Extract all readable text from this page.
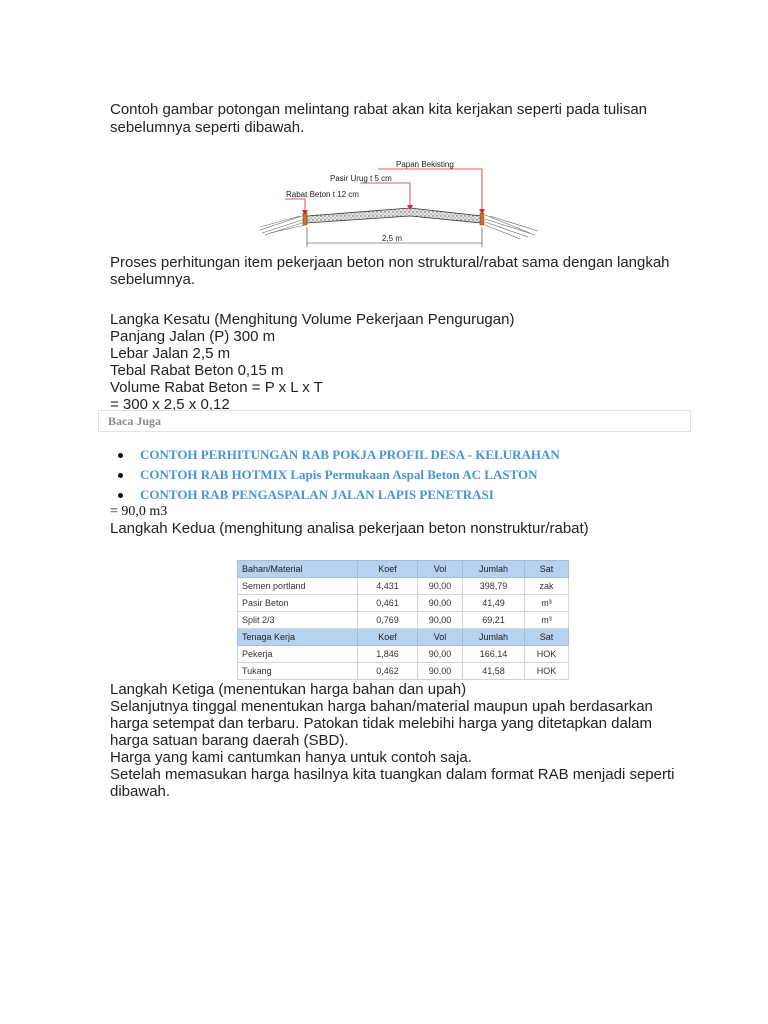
Contoh gambar potongan melintang rabat akan kita kerjakan seperti pada tulisan sebelumnya seperti dibawah.

Papan Bekisting
Pasir Urug t 5 cm
Rabat Beton t 12 cm
2,5 m

Proses perhitungan item pekerjaan beton non struktural/rabat sama dengan langkah sebelumnya.

Langka Kesatu (Menghitung Volume Pekerjaan Pengurugan)
Panjang Jalan (P) 300 m
Lebar Jalan 2,5 m
Tebal Rabat Beton 0,15 m
Volume Rabat Beton = P x L x T
= 300 x 2,5 x 0,12
Baca Juga
CONTOH PERHITUNGAN RAB POKJA PROFIL DESA - KELURAHAN
CONTOH RAB HOTMIX Lapis Permukaan Aspal Beton AC LASTON
CONTOH RAB PENGASPALAN JALAN LAPIS PENETRASI
= 90,0 m3
Langkah Kedua (menghitung analisa pekerjaan beton nonstruktur/rabat)
Bahan/Material	Koef	Vol	Jumlah	Sat
Semen portland	4,431	90,00	398,79	zak
Pasir Beton	0,461	90,00	41,49	m³
Split 2/3	0,769	90,00	69,21	m³
Tenaga Kerja	Koef	Vol	Jumlah	Sat
Pekerja	1,846	90,00	166,14	HOK
Tukang	0,462	90,00	41,58	HOK
Langkah Ketiga (menentukan harga bahan dan upah)
Selanjutnya tinggal menentukan harga bahan/material maupun upah berdasarkan harga setempat dan terbaru. Patokan tidak melebihi harga yang ditetapkan dalam harga satuan barang daerah (SBD).
Harga yang kami cantumkan hanya untuk contoh saja.
Setelah memasukan harga hasilnya kita tuangkan dalam format RAB menjadi seperti dibawah.
